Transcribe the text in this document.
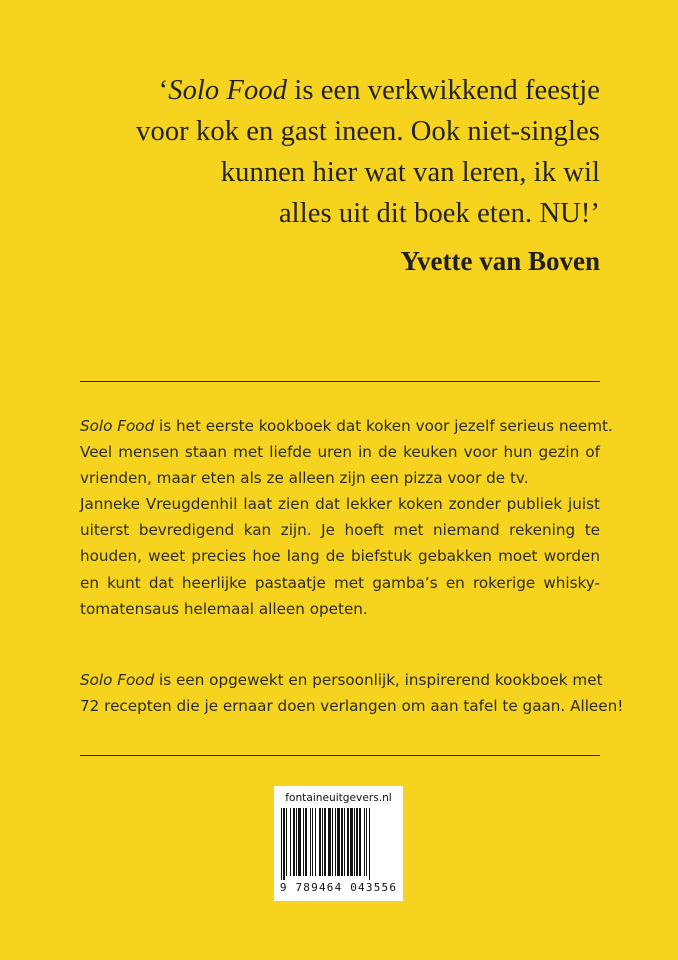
‘Solo Food is een verkwikkend feestje
voor kok en gast ineen. Ook niet-singles
kunnen hier wat van leren, ik wil
alles uit dit boek eten. NU!’
Yvette van Boven
Solo Food is het eerste kookboek dat koken voor jezelf serieus neemt.
Veel mensen staan met liefde uren in de keuken voor hun gezin of
vrienden, maar eten als ze alleen zijn een pizza voor de tv.
Janneke Vreugdenhil laat zien dat lekker koken zonder publiek juist
uiterst bevredigend kan zijn. Je hoeft met niemand rekening te
houden, weet precies hoe lang de biefstuk gebakken moet worden
en kunt dat heerlijke pastaatje met gamba’s en rokerige whisky-
tomatensaus helemaal alleen opeten.
Solo Food is een opgewekt en persoonlijk, inspirerend kookboek met
72 recepten die je ernaar doen verlangen om aan tafel te gaan. Alleen!
fontaineuitgevers.nl
9 789464 043556
